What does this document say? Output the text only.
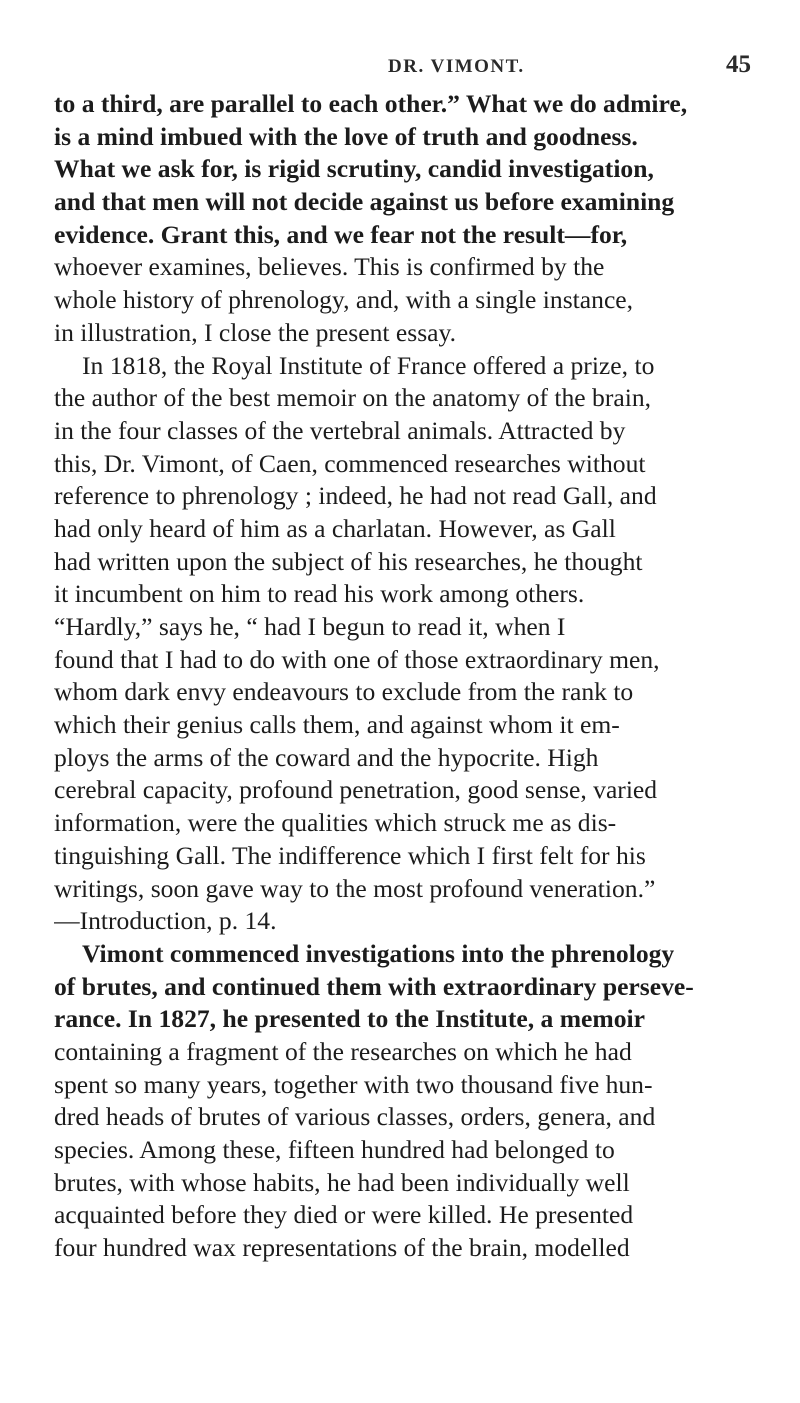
DR. VIMONT.	45
to a third, are parallel to each other.” What we do admire,
is a mind imbued with the love of truth and goodness.
What we ask for, is rigid scrutiny, candid investigation,
and that men will not decide against us before examining
evidence. Grant this, and we fear not the result—for,
whoever examines, believes. This is confirmed by the
whole history of phrenology, and, with a single instance,
in illustration, I close the present essay.
In 1818, the Royal Institute of France offered a prize, to
the author of the best memoir on the anatomy of the brain,
in the four classes of the vertebral animals. Attracted by
this, Dr. Vimont, of Caen, commenced researches without
reference to phrenology ; indeed, he had not read Gall, and
had only heard of him as a charlatan. However, as Gall
had written upon the subject of his researches, he thought
it incumbent on him to read his work among others.
“Hardly,” says he, “ had I begun to read it, when I
found that I had to do with one of those extraordinary men,
whom dark envy endeavours to exclude from the rank to
which their genius calls them, and against whom it em-
ploys the arms of the coward and the hypocrite. High
cerebral capacity, profound penetration, good sense, varied
information, were the qualities which struck me as dis-
tinguishing Gall. The indifference which I first felt for his
writings, soon gave way to the most profound veneration.”
—Introduction, p. 14.
Vimont commenced investigations into the phrenology
of brutes, and continued them with extraordinary perseve-
rance. In 1827, he presented to the Institute, a memoir
containing a fragment of the researches on which he had
spent so many years, together with two thousand five hun-
dred heads of brutes of various classes, orders, genera, and
species. Among these, fifteen hundred had belonged to
brutes, with whose habits, he had been individually well
acquainted before they died or were killed. He presented
four hundred wax representations of the brain, modelled
